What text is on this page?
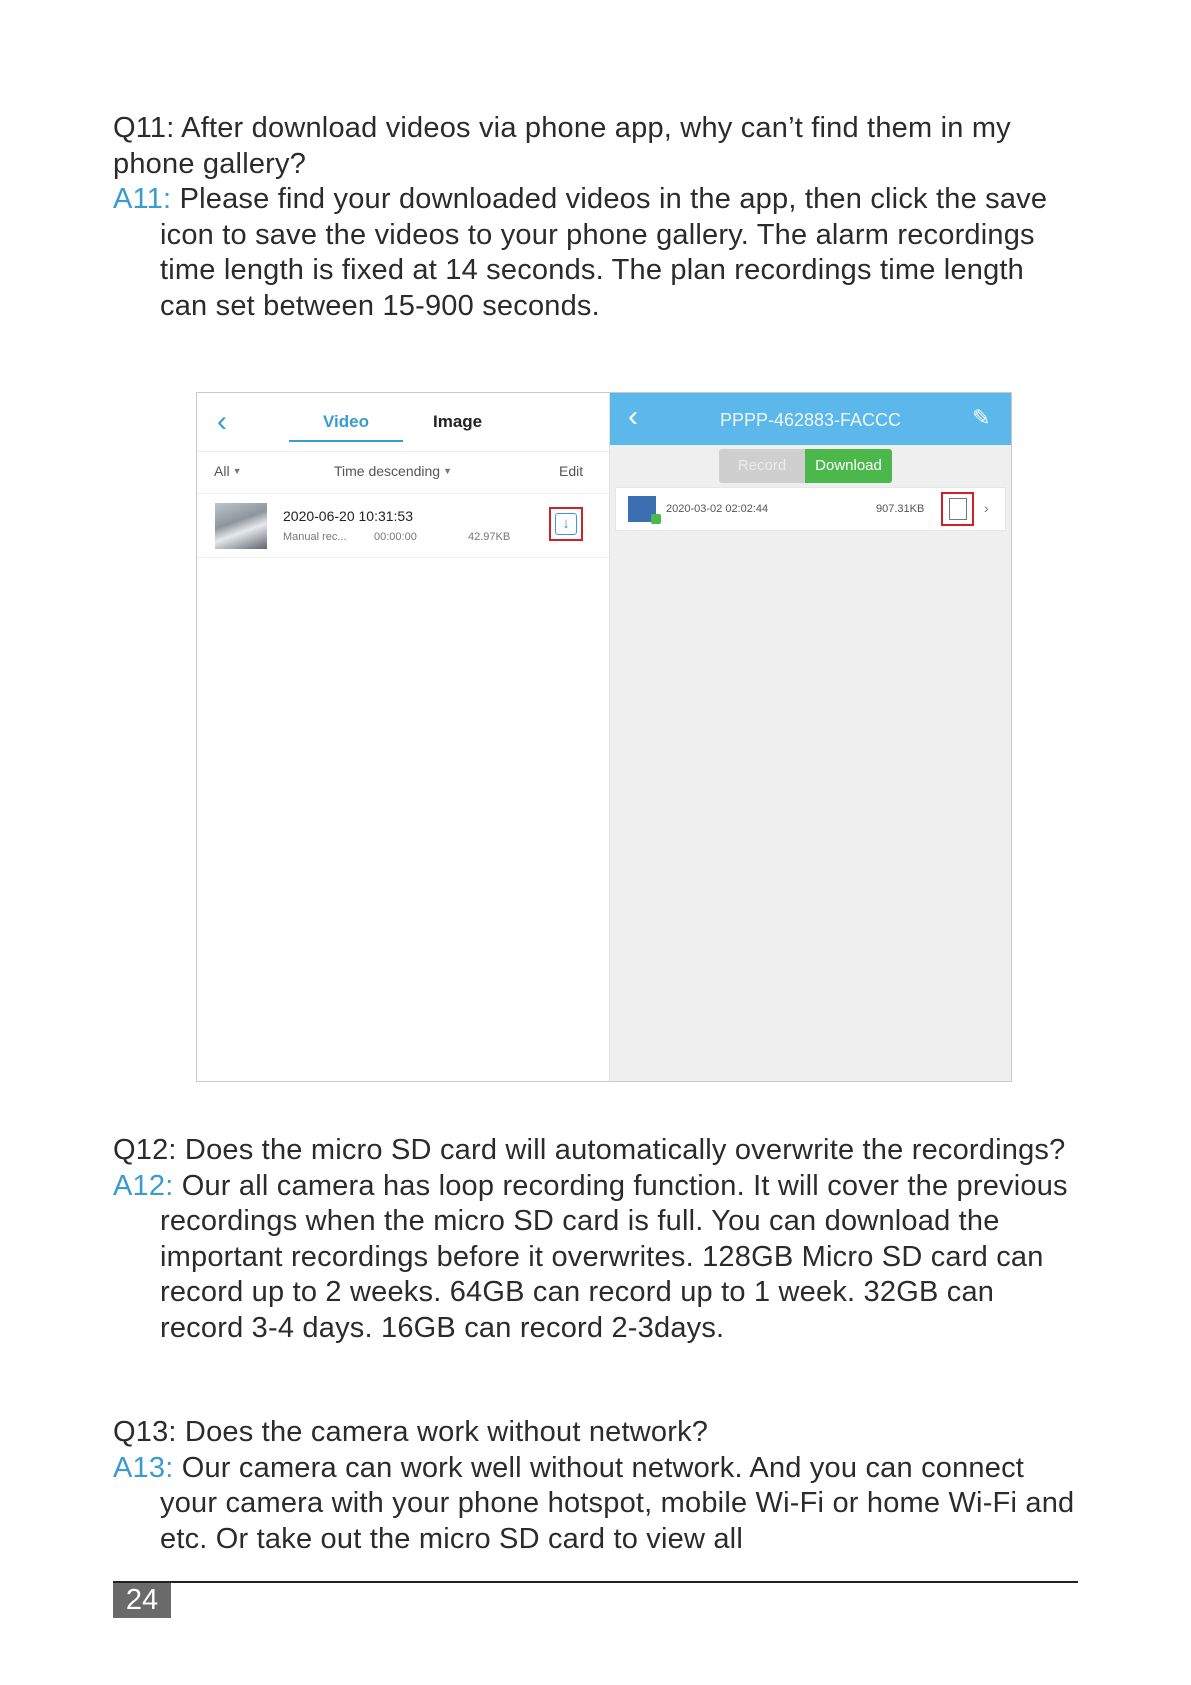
Q11: After download videos via phone app, why can’t find them in my phone gallery?

A11: Please find your downloaded videos in the app, then click the save icon to save the videos to your phone gallery. The alarm recordings time length is fixed at 14 seconds. The plan recordings time length can set between 15-900 seconds.

‹	Video	Image
All ▼	Time descending ▼	Edit
2020-06-20 10:31:53
Manual rec... 00:00:00	42.97KB
↓
‹	PPPP-462883-FACCC	✎
Record	Download
2020-03-02 02:02:44	907.31KB	›

Q12: Does the micro SD card will automatically overwrite the recordings?

A12: Our all camera has loop recording function. It will cover the previous recordings when the micro SD card is full. You can download the important recordings before it overwrites. 128GB Micro SD card can record up to 2 weeks. 64GB can record up to 1 week. 32GB can record 3-4 days. 16GB can record 2-3days.

Q13: Does the camera work without network?

A13: Our camera can work well without network. And you can connect your camera with your phone hotspot, mobile Wi-Fi or home Wi-Fi and etc. Or take out the micro SD card to view all

24
